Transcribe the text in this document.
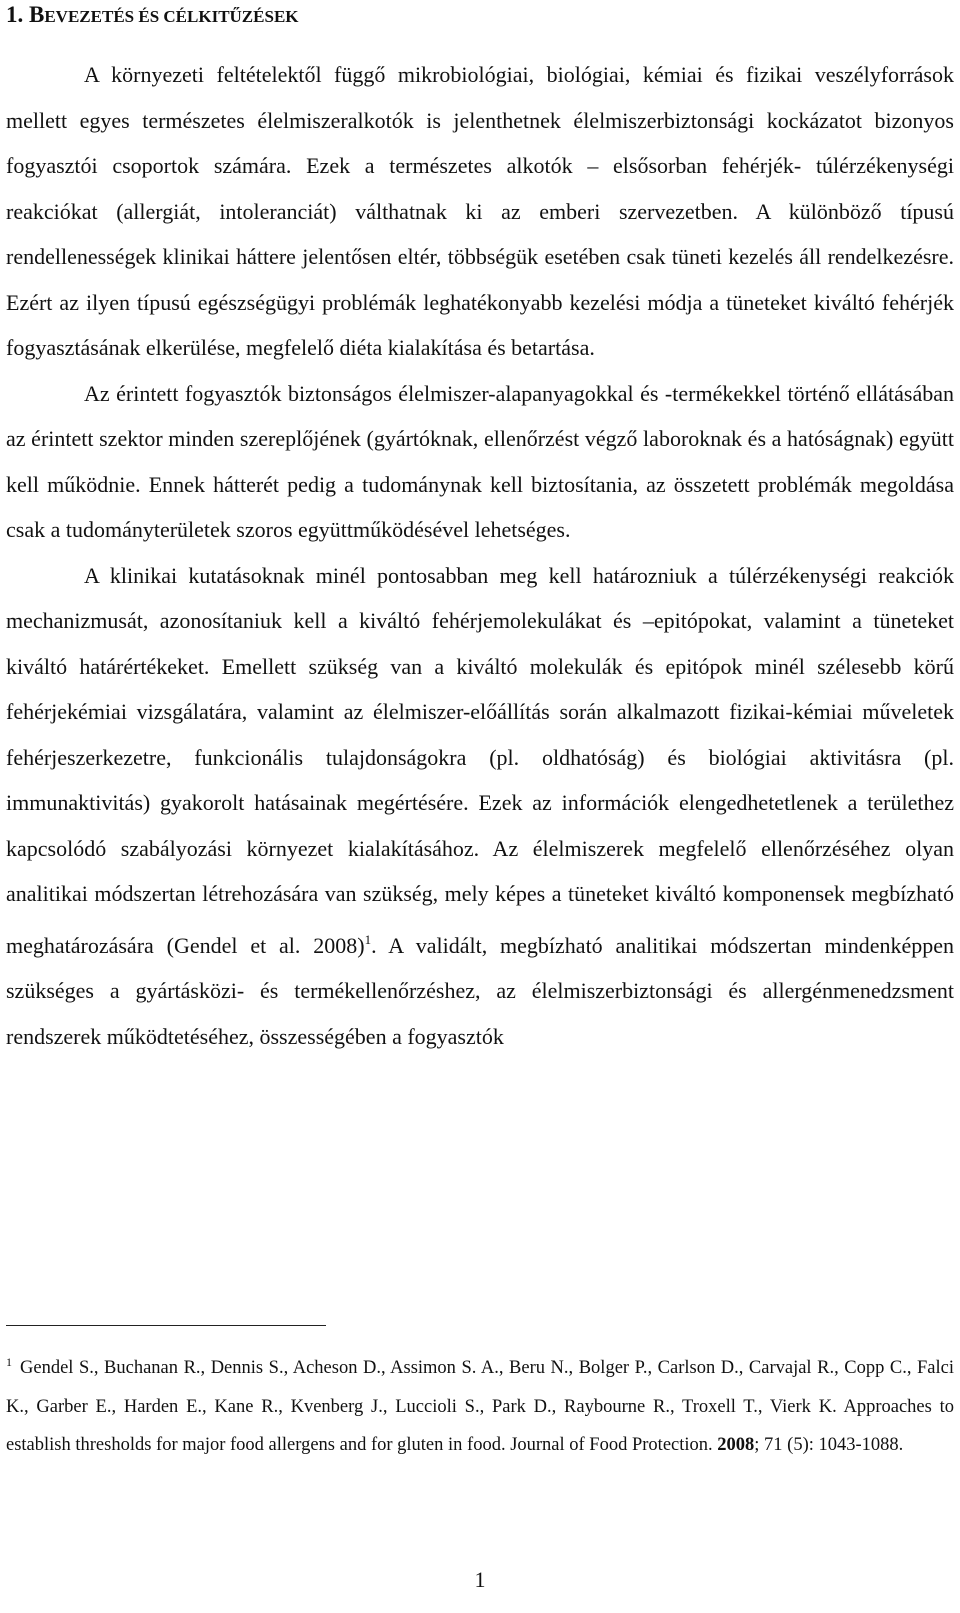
1. BEVEZETÉS ÉS CÉLKITŰZÉSEK

A környezeti feltételektől függő mikrobiológiai, biológiai, kémiai és fizikai veszélyforrások mellett egyes természetes élelmiszeralkotók is jelenthetnek élelmiszerbiztonsági kockázatot bizonyos fogyasztói csoportok számára. Ezek a természetes alkotók – elsősorban fehérjék- túlérzékenységi reakciókat (allergiát, intoleranciát) válthatnak ki az emberi szervezetben. A különböző típusú rendellenességek klinikai háttere jelentősen eltér, többségük esetében csak tüneti kezelés áll rendelkezésre. Ezért az ilyen típusú egészségügyi problémák leghatékonyabb kezelési módja a tüneteket kiváltó fehérjék fogyasztásának elkerülése, megfelelő diéta kialakítása és betartása.

Az érintett fogyasztók biztonságos élelmiszer-alapanyagokkal és -termékekkel történő ellátásában az érintett szektor minden szereplőjének (gyártóknak, ellenőrzést végző laboroknak és a hatóságnak) együtt kell működnie. Ennek hátterét pedig a tudománynak kell biztosítania, az összetett problémák megoldása csak a tudományterületek szoros együttműködésével lehetséges.

A klinikai kutatásoknak minél pontosabban meg kell határozniuk a túlérzékenységi reakciók mechanizmusát, azonosítaniuk kell a kiváltó fehérjemolekulákat és –epitópokat, valamint a tüneteket kiváltó határértékeket. Emellett szükség van a kiváltó molekulák és epitópok minél szélesebb körű fehérjekémiai vizsgálatára, valamint az élelmiszer-előállítás során alkalmazott fizikai-kémiai műveletek fehérjeszerkezetre, funkcionális tulajdonságokra (pl. oldhatóság) és biológiai aktivitásra (pl. immunaktivitás) gyakorolt hatásainak megértésére. Ezek az információk elengedhetetlenek a területhez kapcsolódó szabályozási környezet kialakításához. Az élelmiszerek megfelelő ellenőrzéséhez olyan analitikai módszertan létrehozására van szükség, mely képes a tüneteket kiváltó komponensek megbízható meghatározására (Gendel et al. 2008)$^1$. A validált, megbízható analitikai módszertan mindenképpen szükséges a gyártásközi- és termékellenőrzéshez, az élelmiszerbiztonsági és allergénmenedzsment rendszerek működtetéséhez, összességében a fogyasztók

$^1$ Gendel S., Buchanan R., Dennis S., Acheson D., Assimon S. A., Beru N., Bolger P., Carlson D., Carvajal R., Copp C., Falci K., Garber E., Harden E., Kane R., Kvenberg J., Luccioli S., Park D., Raybourne R., Troxell T., Vierk K. Approaches to establish thresholds for major food allergens and for gluten in food. Journal of Food Protection. 2008; 71 (5): 1043-1088.
1
